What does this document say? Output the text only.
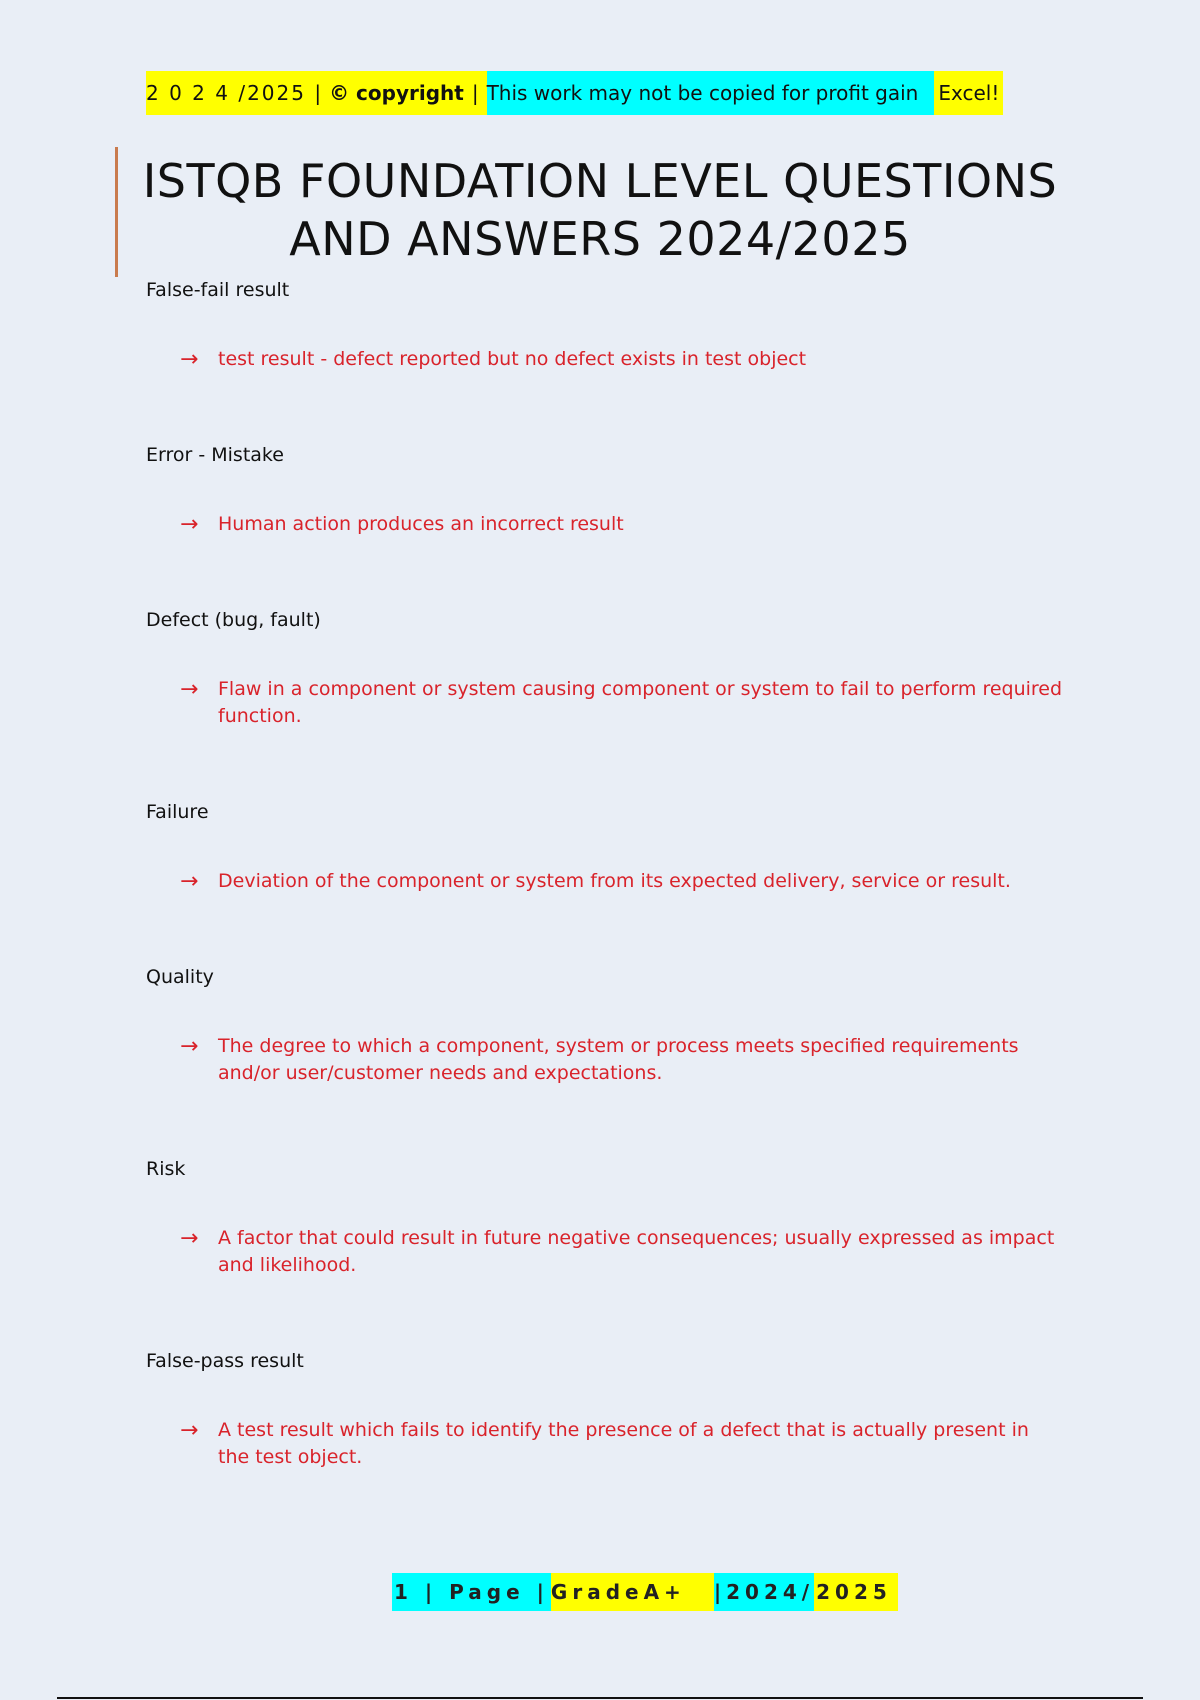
2 0 2 4 /2025 | © copyright | This work may not be copied for profit gain	Excel!
ISTQB FOUNDATION LEVEL QUESTIONS
AND ANSWERS 2024/2025

False-fail result

→	test result - defect reported but no defect exists in test object

Error - Mistake

→	Human action produces an incorrect result

Defect (bug, fault)

→	Flaw in a component or system causing component or system to fail to perform required function.

Failure

→	Deviation of the component or system from its expected delivery, service or result.

Quality

→	The degree to which a component, system or process meets specified requirements and/or user/customer needs and expectations.

Risk

→	A factor that could result in future negative consequences; usually expressed as impact and likelihood.

False-pass result

→	A test result which fails to identify the presence of a defect that is actually present in the test object.
1 | Page | GradeA+	|2024/ 2025
